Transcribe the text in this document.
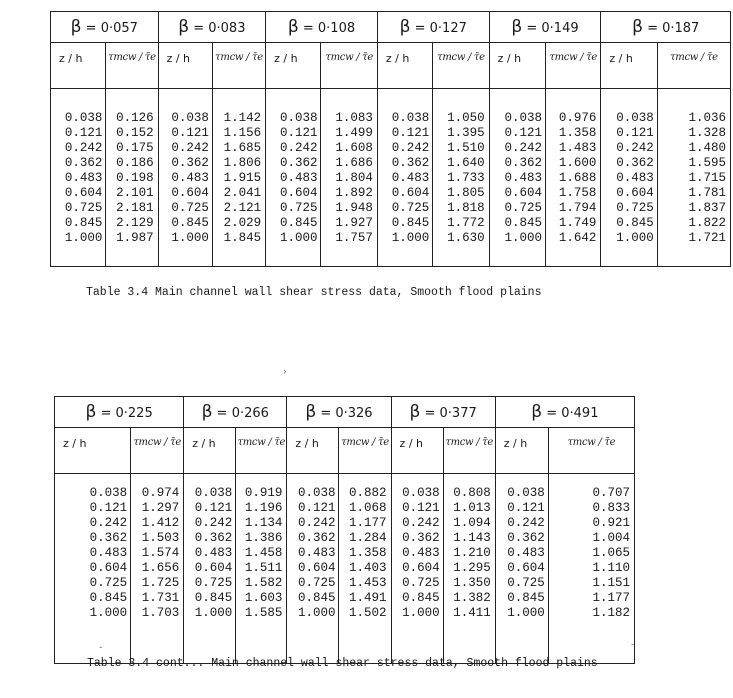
β = 0·057		β = 0·083		β = 0·108		β = 0·127		β = 0·149		β = 0·187	
z / h	τmcw / τ̄e	z / h	τmcw / τ̄e	z / h	τmcw / τ̄e	z / h	τmcw / τ̄e	z / h	τmcw / τ̄e	z / h	τmcw / τ̄e

0.038	0.126	0.038	1.142	0.038	1.083	0.038	1.050	0.038	0.976	0.038	1.036
0.121	0.152	0.121	1.156	0.121	1.499	0.121	1.395	0.121	1.358	0.121	1.328
0.242	0.175	0.242	1.685	0.242	1.608	0.242	1.510	0.242	1.483	0.242	1.480
0.362	0.186	0.362	1.806	0.362	1.686	0.362	1.640	0.362	1.600	0.362	1.595
0.483	0.198	0.483	1.915	0.483	1.804	0.483	1.733	0.483	1.688	0.483	1.715
0.604	2.101	0.604	2.041	0.604	1.892	0.604	1.805	0.604	1.758	0.604	1.781
0.725	2.181	0.725	2.121	0.725	1.948	0.725	1.818	0.725	1.794	0.725	1.837
0.845	2.129	0.845	2.029	0.845	1.927	0.845	1.772	0.845	1.749	0.845	1.822
1.000	1.987	1.000	1.845	1.000	1.757	1.000	1.630	1.000	1.642	1.000	1.721

Table 3.4 Main channel wall shear stress data, Smooth flood plains
›
β = 0·225		β = 0·266		β = 0·326		β = 0·377		β = 0·491	
z / h	τmcw / τ̄e	z / h	τmcw / τ̄e	z / h	τmcw / τ̄e	z / h	τmcw / τ̄e	z / h	τmcw / τ̄e

0.038	0.974	0.038	0.919	0.038	0.882	0.038	0.808	0.038	0.707
0.121	1.297	0.121	1.196	0.121	1.068	0.121	1.013	0.121	0.833
0.242	1.412	0.242	1.134	0.242	1.177	0.242	1.094	0.242	0.921
0.362	1.503	0.362	1.386	0.362	1.284	0.362	1.143	0.362	1.004
0.483	1.574	0.483	1.458	0.483	1.358	0.483	1.210	0.483	1.065
0.604	1.656	0.604	1.511	0.604	1.403	0.604	1.295	0.604	1.110
0.725	1.725	0.725	1.582	0.725	1.453	0.725	1.350	0.725	1.151
0.845	1.731	0.845	1.603	0.845	1.491	0.845	1.382	0.845	1.177
1.000	1.703	1.000	1.585	1.000	1.502	1.000	1.411	1.000	1.182

-
-
Table 3.4 cont... Main channel wall shear stress data, Smooth flood plains
